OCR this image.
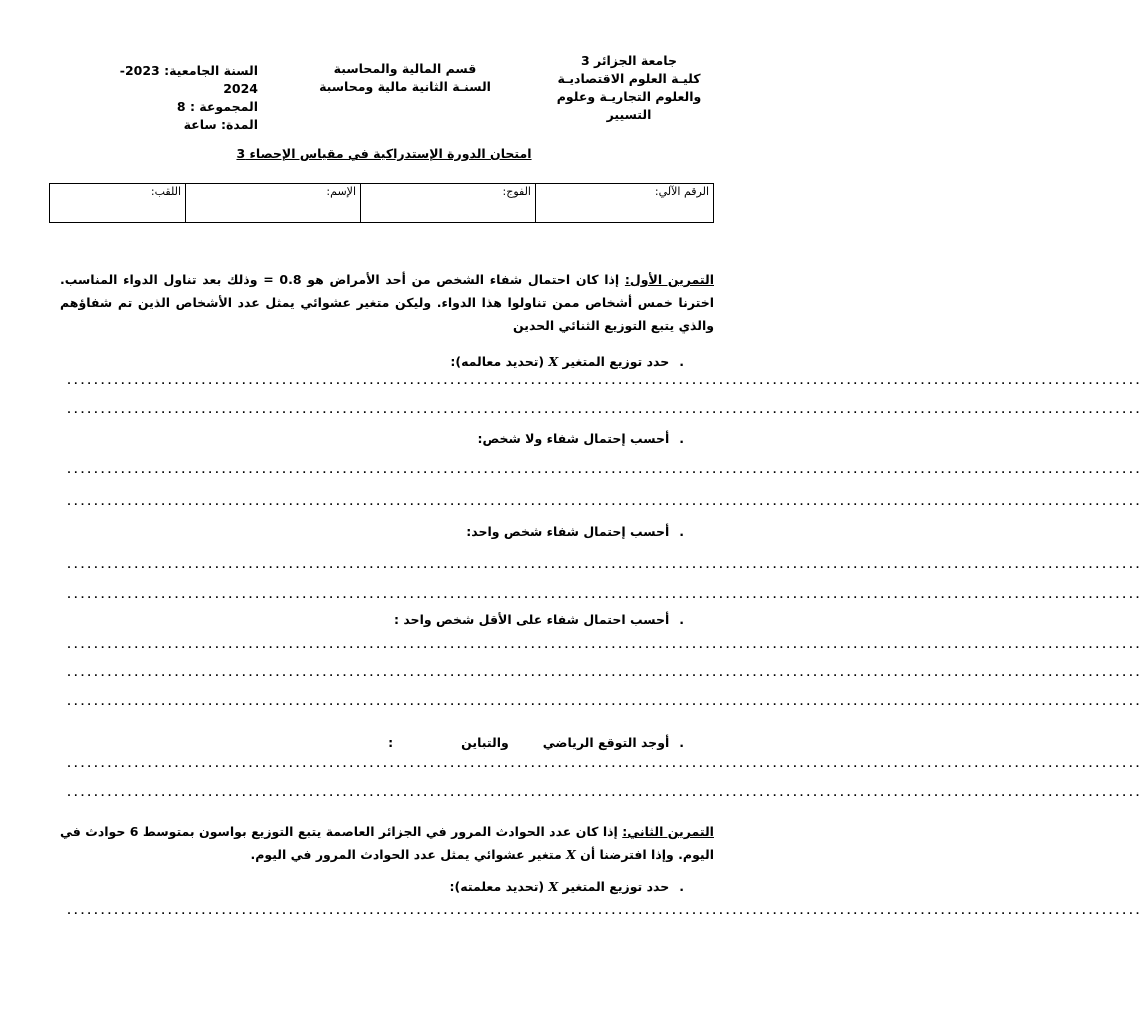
جامعة الجزائر 3
كليـة العلوم الاقتصاديـة
والعلوم التجاريـة وعلوم
التسيير
قسم المالية والمحاسبة
السنـة الثانية مالية ومحاسبة
السنة الجامعية: 2023-2024
المجموعة : 8
المدة: ساعة
امتحان الدورة الإستدراكية في مقياس الإحصاء 3
اللقب:	الإسم:	الفوج:	الرقم الآلي:
التمرين الأول: إذا كان احتمال شفاء الشخص من أحد الأمراض هو 0.8 = وذلك بعد تناول الدواء المناسب. اخترنا خمس أشخاص ممن تناولوا هذا الدواء. وليكن متغير عشوائي يمثل عدد الأشخاص الذين تم شفاؤهم والذي يتبع التوزيع الثنائي الحدين
.حدد توزيع المتغير X (تحديد معالمه):
................................................................................................................................................................
................................................................................................................................................................
.أحسب إحتمال شفاء ولا شخص:
................................................................................................................................................................
................................................................................................................................................................
.أحسب إحتمال شفاء شخص واحد:
................................................................................................................................................................
................................................................................................................................................................
.أحسب احتمال شفاء على الأقل شخص واحد :
................................................................................................................................................................
................................................................................................................................................................
................................................................................................................................................................
.أوجد التوقع الرياضيوالتباين:
................................................................................................................................................................
................................................................................................................................................................
التمرين الثاني: إذا كان عدد الحوادث المرور في الجزائر العاصمة يتبع التوزيع بواسون بمتوسط 6 حوادث في اليوم. وإذا افترضنا أن X متغير عشوائي يمثل عدد الحوادث المرور في اليوم.
.حدد توزيع المتغير X (تحديد معلمته):
................................................................................................................................................................
